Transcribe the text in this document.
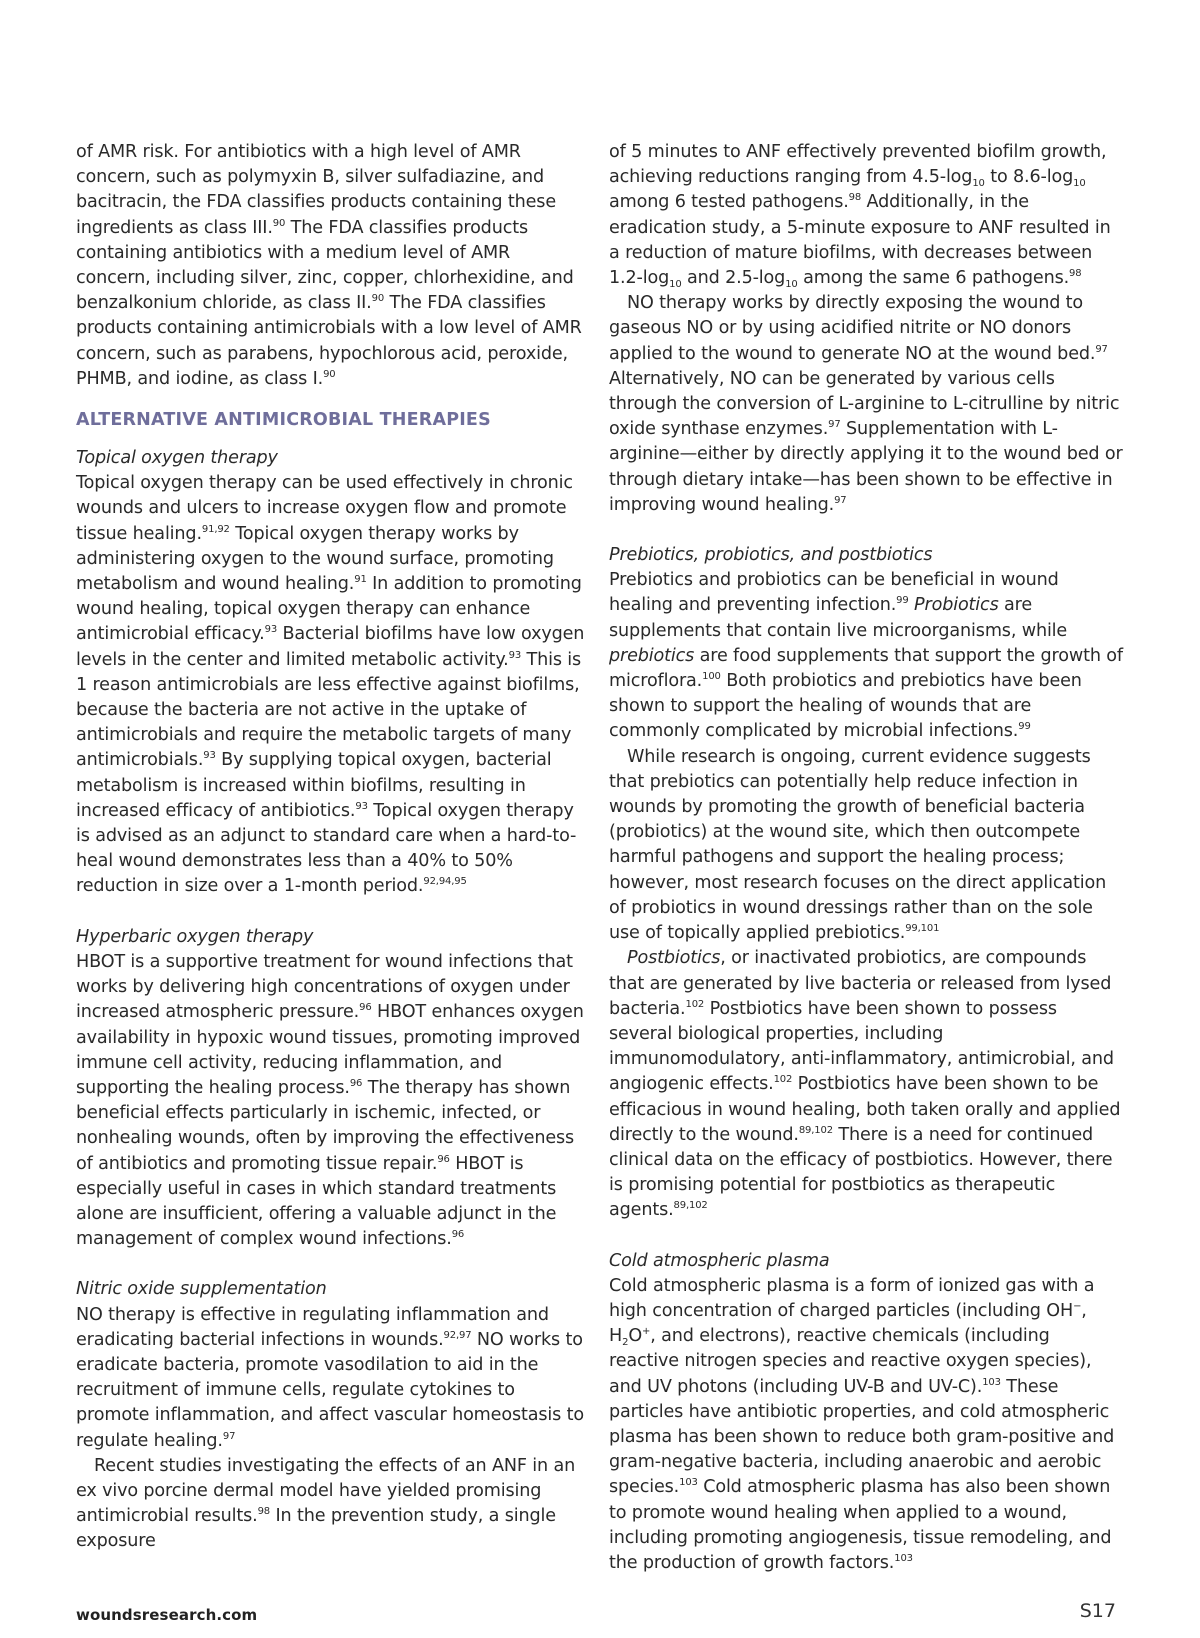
of AMR risk. For antibiotics with a high level of AMR concern, such as polymyxin B, silver sulfadiazine, and bacitracin, the FDA classifies products containing these ingredients as class III.$^{90}$ The FDA classifies products containing antibiotics with a medium level of AMR concern, including silver, zinc, copper, chlorhexidine, and benzalkonium chloride, as class II.$^{90}$ The FDA classifies products containing antimicrobials with a low level of AMR concern, such as parabens, hypochlorous acid, peroxide, PHMB, and iodine, as class I.$^{90}$

ALTERNATIVE ANTIMICROBIAL THERAPIES
Topical oxygen therapy

Topical oxygen therapy can be used effectively in chronic wounds and ulcers to increase oxygen flow and promote tissue healing.$^{91,92}$ Topical oxygen therapy works by administering oxygen to the wound surface, promoting metabolism and wound healing.$^{91}$ In addition to promoting wound healing, topical oxygen therapy can enhance antimicrobial efficacy.$^{93}$ Bacterial biofilms have low oxygen levels in the center and limited metabolic activity.$^{93}$ This is 1 reason antimicrobials are less effective against biofilms, because the bacteria are not active in the uptake of antimicrobials and require the metabolic targets of many antimicrobials.$^{93}$ By supplying topical oxygen, bacterial metabolism is increased within biofilms, resulting in increased efficacy of antibiotics.$^{93}$ Topical oxygen therapy is advised as an adjunct to standard care when a hard-to-heal wound demonstrates less than a 40% to 50% reduction in size over a 1-month period.$^{92,94,95}$

Hyperbaric oxygen therapy

HBOT is a supportive treatment for wound infections that works by delivering high concentrations of oxygen under increased atmospheric pressure.$^{96}$ HBOT enhances oxygen availability in hypoxic wound tissues, promoting improved immune cell activity, reducing inflammation, and supporting the healing process.$^{96}$ The therapy has shown beneficial effects particularly in ischemic, infected, or nonhealing wounds, often by improving the effectiveness of antibiotics and promoting tissue repair.$^{96}$ HBOT is especially useful in cases in which standard treatments alone are insufficient, offering a valuable adjunct in the management of complex wound infections.$^{96}$

Nitric oxide supplementation

NO therapy is effective in regulating inflammation and eradicating bacterial infections in wounds.$^{92,97}$ NO works to eradicate bacteria, promote vasodilation to aid in the recruitment of immune cells, regulate cytokines to promote inflammation, and affect vascular homeostasis to regulate healing.$^{97}$

Recent studies investigating the effects of an ANF in an ex vivo porcine dermal model have yielded promising antimicrobial results.$^{98}$ In the prevention study, a single exposure

of 5 minutes to ANF effectively prevented biofilm growth, achieving reductions ranging from $4.5-\log_{10}$ to $8.6-\log_{10}$ among 6 tested pathogens.$^{98}$ Additionally, in the eradication study, a 5-minute exposure to ANF resulted in a reduction of mature biofilms, with decreases between $1.2-\log_{10}$ and $2.5-\log_{10}$ among the same 6 pathogens.$^{98}$

NO therapy works by directly exposing the wound to gaseous NO or by using acidified nitrite or NO donors applied to the wound to generate NO at the wound bed.$^{97}$ Alternatively, NO can be generated by various cells through the conversion of L-arginine to L-citrulline by nitric oxide synthase enzymes.$^{97}$ Supplementation with L-arginine—either by directly applying it to the wound bed or through dietary intake—has been shown to be effective in improving wound healing.$^{97}$

Prebiotics, probiotics, and postbiotics

Prebiotics and probiotics can be beneficial in wound healing and preventing infection.$^{99}$ Probiotics are supplements that contain live microorganisms, while prebiotics are food supplements that support the growth of microflora.$^{100}$ Both probiotics and prebiotics have been shown to support the healing of wounds that are commonly complicated by microbial infections.$^{99}$

While research is ongoing, current evidence suggests that prebiotics can potentially help reduce infection in wounds by promoting the growth of beneficial bacteria (probiotics) at the wound site, which then outcompete harmful pathogens and support the healing process; however, most research focuses on the direct application of probiotics in wound dressings rather than on the sole use of topically applied prebiotics.$^{99,101}$

Postbiotics, or inactivated probiotics, are compounds that are generated by live bacteria or released from lysed bacteria.$^{102}$ Postbiotics have been shown to possess several biological properties, including immunomodulatory, anti-inflammatory, antimicrobial, and angiogenic effects.$^{102}$ Postbiotics have been shown to be efficacious in wound healing, both taken orally and applied directly to the wound.$^{89,102}$ There is a need for continued clinical data on the efficacy of postbiotics. However, there is promising potential for postbiotics as therapeutic agents.$^{89,102}$

Cold atmospheric plasma

Cold atmospheric plasma is a form of ionized gas with a high concentration of charged particles (including OH−, $H_2O^+$, and electrons), reactive chemicals (including reactive nitrogen species and reactive oxygen species), and UV photons (including UV-B and UV-C).$^{103}$ These particles have antibiotic properties, and cold atmospheric plasma has been shown to reduce both gram-positive and gram-negative bacteria, including anaerobic and aerobic species.$^{103}$ Cold atmospheric plasma has also been shown to promote wound healing when applied to a wound, including promoting angiogenesis, tissue remodeling, and the production of growth factors.$^{103}$

woundsresearch.com	S17
